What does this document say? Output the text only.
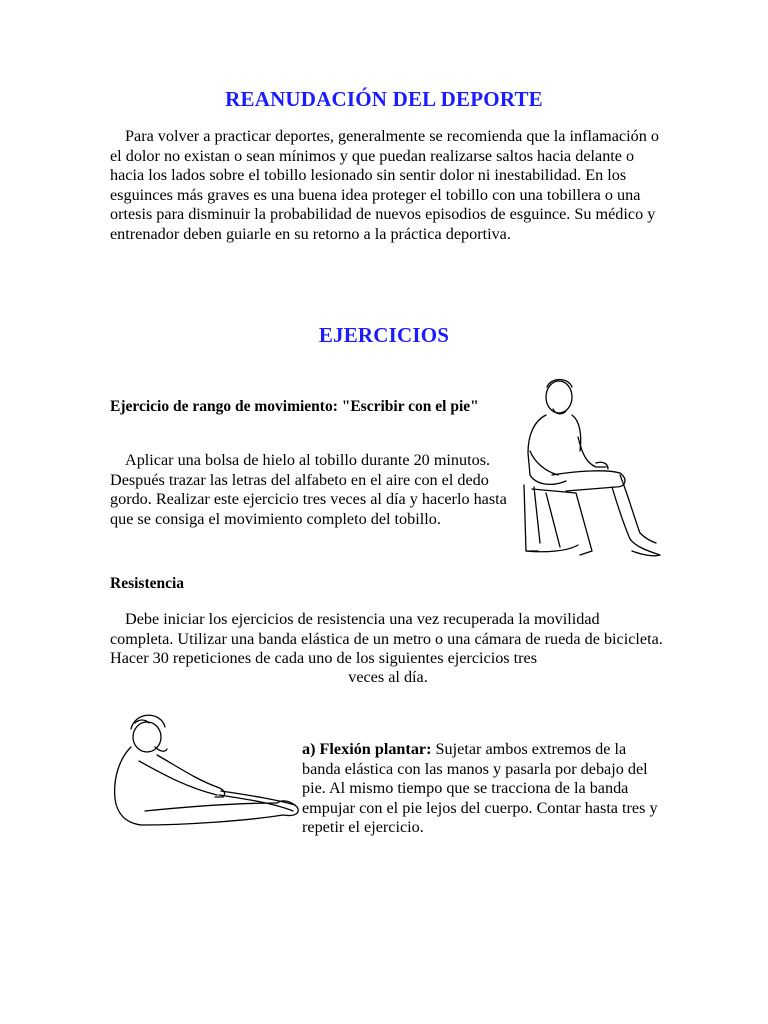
REANUDACIÓN DEL DEPORTE

Para volver a practicar deportes, generalmente se recomienda que la inflamación o el dolor no existan o sean mínimos y que puedan realizarse saltos hacia delante o hacia los lados sobre el tobillo lesionado sin sentir dolor ni inestabilidad. En los esguinces más graves es una buena idea proteger el tobillo con una tobillera o una ortesis para disminuir la probabilidad de nuevos episodios de esguince. Su médico y entrenador deben guiarle en su retorno a la práctica deportiva.

EJERCICIOS

Ejercicio de rango de movimiento: "Escribir con el pie"

Aplicar una bolsa de hielo al tobillo durante 20 minutos. Después trazar las letras del alfabeto en el aire con el dedo gordo. Realizar este ejercicio tres veces al día y hacerlo hasta que se consiga el movimiento completo del tobillo.

Resistencia

Debe iniciar los ejercicios de resistencia una vez recuperada la movilidad completa. Utilizar una banda elástica de un metro o una cámara de rueda de bicicleta. Hacer 30 repeticiones de cada uno de los siguientes ejercicios tres

veces al día.

a) Flexión plantar: Sujetar ambos extremos de la banda elástica con las manos y pasarla por debajo del pie. Al mismo tiempo que se tracciona de la banda empujar con el pie lejos del cuerpo. Contar hasta tres y repetir el ejercicio.
